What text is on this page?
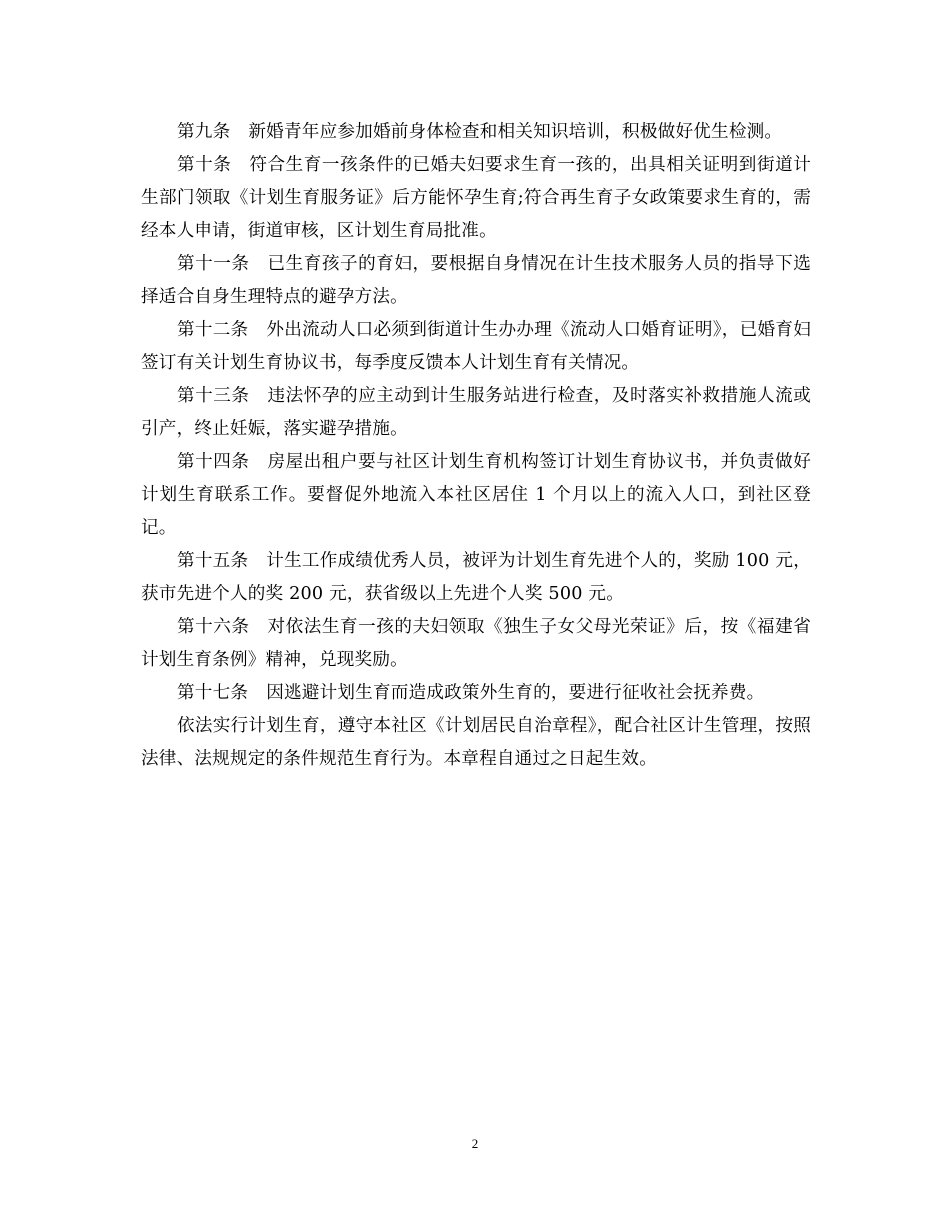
第九条 新婚青年应参加婚前身体检查和相关知识培训，积极做好优生检测。

第十条 符合生育一孩条件的已婚夫妇要求生育一孩的，出具相关证明到街道计生部门领取《计划生育服务证》后方能怀孕生育;符合再生育子女政策要求生育的，需经本人申请，街道审核，区计划生育局批准。

第十一条 已生育孩子的育妇，要根据自身情况在计生技术服务人员的指导下选择适合自身生理特点的避孕方法。

第十二条 外出流动人口必须到街道计生办办理《流动人口婚育证明》，已婚育妇签订有关计划生育协议书，每季度反馈本人计划生育有关情况。

第十三条 违法怀孕的应主动到计生服务站进行检查，及时落实补救措施人流或引产，终止妊娠，落实避孕措施。

第十四条 房屋出租户要与社区计划生育机构签订计划生育协议书，并负责做好计划生育联系工作。要督促外地流入本社区居住 1 个月以上的流入人口，到社区登记。

第十五条 计生工作成绩优秀人员，被评为计划生育先进个人的，奖励 100 元，获市先进个人的奖 200 元，获省级以上先进个人奖 500 元。

第十六条 对依法生育一孩的夫妇领取《独生子女父母光荣证》后，按《福建省计划生育条例》精神，兑现奖励。

第十七条 因逃避计划生育而造成政策外生育的，要进行征收社会抚养费。

依法实行计划生育，遵守本社区《计划居民自治章程》，配合社区计生管理，按照法律、法规规定的条件规范生育行为。本章程自通过之日起生效。

2
